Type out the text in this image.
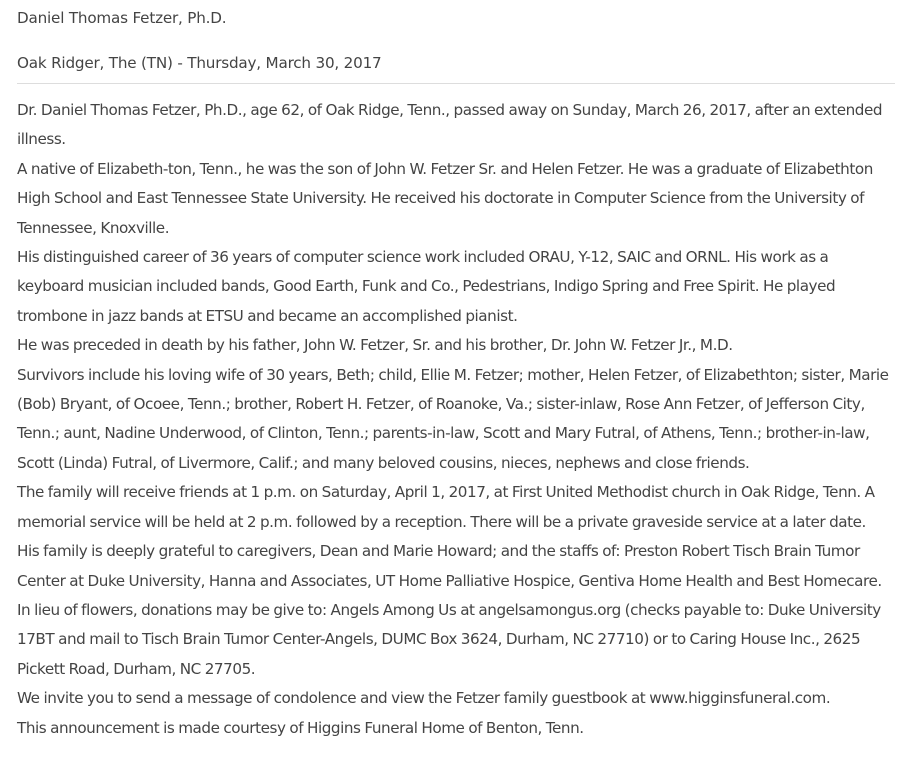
Daniel Thomas Fetzer, Ph.D.
Oak Ridger, The (TN) - Thursday, March 30, 2017

Dr. Daniel Thomas Fetzer, Ph.D., age 62, of Oak Ridge, Tenn., passed away on Sunday, March 26, 2017, after an extended illness.

A native of Elizabeth-ton, Tenn., he was the son of John W. Fetzer Sr. and Helen Fetzer. He was a graduate of Elizabethton High School and East Tennessee State University. He received his doctorate in Computer Science from the University of Tennessee, Knoxville.

His distinguished career of 36 years of computer science work included ORAU, Y-12, SAIC and ORNL. His work as a keyboard musician included bands, Good Earth, Funk and Co., Pedestrians, Indigo Spring and Free Spirit. He played trombone in jazz bands at ETSU and became an accomplished pianist.

He was preceded in death by his father, John W. Fetzer, Sr. and his brother, Dr. John W. Fetzer Jr., M.D.

Survivors include his loving wife of 30 years, Beth; child, Ellie M. Fetzer; mother, Helen Fetzer, of Elizabethton; sister, Marie (Bob) Bryant, of Ocoee, Tenn.; brother, Robert H. Fetzer, of Roanoke, Va.; sister-inlaw, Rose Ann Fetzer, of Jefferson City, Tenn.; aunt, Nadine Underwood, of Clinton, Tenn.; parents-in-law, Scott and Mary Futral, of Athens, Tenn.; brother-in-law, Scott (Linda) Futral, of Livermore, Calif.; and many beloved cousins, nieces, nephews and close friends.

The family will receive friends at 1 p.m. on Saturday, April 1, 2017, at First United Methodist church in Oak Ridge, Tenn. A memorial service will be held at 2 p.m. followed by a reception. There will be a private graveside service at a later date.

His family is deeply grateful to caregivers, Dean and Marie Howard; and the staffs of: Preston Robert Tisch Brain Tumor Center at Duke University, Hanna and Associates, UT Home Palliative Hospice, Gentiva Home Health and Best Homecare.

In lieu of flowers, donations may be give to: Angels Among Us at angelsamongus.org (checks payable to: Duke University 17BT and mail to Tisch Brain Tumor Center-Angels, DUMC Box 3624, Durham, NC 27710) or to Caring House Inc., 2625 Pickett Road, Durham, NC 27705.

We invite you to send a message of condolence and view the Fetzer family guestbook at www.higginsfuneral.com.

This announcement is made courtesy of Higgins Funeral Home of Benton, Tenn.
